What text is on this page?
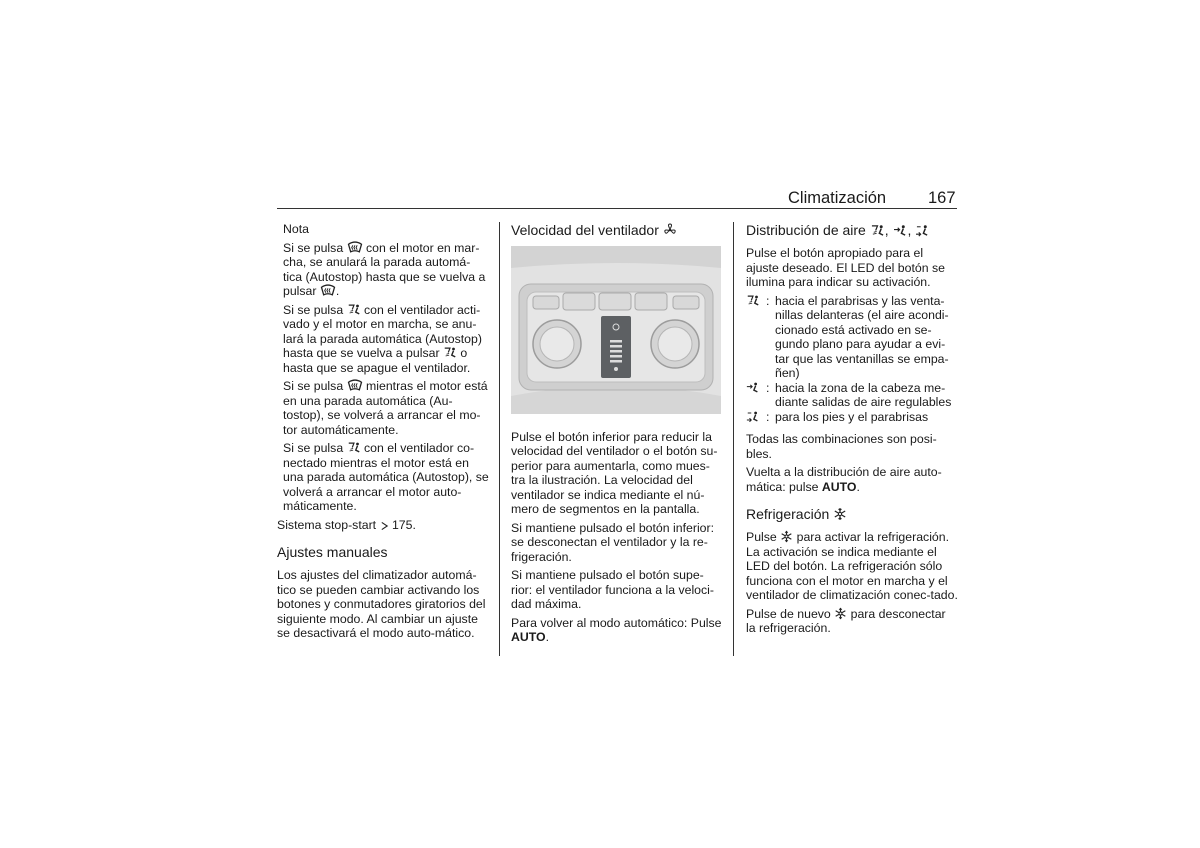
Climatización	167

Nota

Si se pulsa con el motor en mar-cha, se anulará la parada automá-tica (Autostop) hasta que se vuelva a pulsar .

Si se pulsa con el ventilador acti-vado y el motor en marcha, se anu-lará la parada automática (Autostop) hasta que se vuelva a pulsar o hasta que se apague el ventilador.

Si se pulsa mientras el motor está en una parada automática (Au-tostop), se volverá a arrancar el mo-tor automáticamente.

Si se pulsa con el ventilador co-nectado mientras el motor está en una parada automática (Autostop), se volverá a arrancar el motor auto-máticamente.

Sistema stop-start 175.

Ajustes manuales

Los ajustes del climatizador automá-tico se pueden cambiar activando los botones y conmutadores giratorios del siguiente modo. Al cambiar un ajuste se desactivará el modo auto-mático.

Velocidad del ventilador

Pulse el botón inferior para reducir la velocidad del ventilador o el botón su-perior para aumentarla, como mues-tra la ilustración. La velocidad del ventilador se indica mediante el nú-mero de segmentos en la pantalla.

Si mantiene pulsado el botón inferior: se desconectan el ventilador y la re-frigeración.

Si mantiene pulsado el botón supe-rior: el ventilador funciona a la veloci-dad máxima.

Para volver al modo automático: Pulse AUTO.

Distribución de aire , ,

Pulse el botón apropiado para el ajuste deseado. El LED del botón se ilumina para indicar su activación.

: hacia el parabrisas y las venta-nillas delanteras (el aire acondi-cionado está activado en se-gundo plano para ayudar a evi-tar que las ventanillas se empa-ñen)
: hacia la zona de la cabeza me-diante salidas de aire regulables
: para los pies y el parabrisas

Todas las combinaciones son posi-bles.

Vuelta a la distribución de aire auto-mática: pulse AUTO.

Refrigeración

Pulse para activar la refrigeración. La activación se indica mediante el LED del botón. La refrigeración sólo funciona con el motor en marcha y el ventilador de climatización conec-tado.

Pulse de nuevo para desconectar la refrigeración.
